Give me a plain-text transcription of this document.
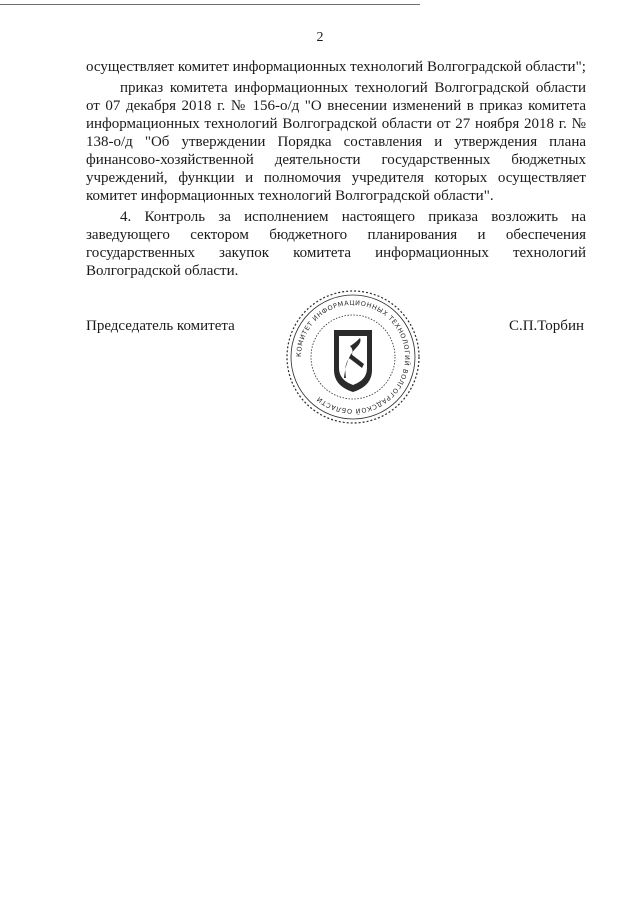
2

осуществляет комитет информационных технологий Волгоградской области";

приказ комитета информационных технологий Волгоградской области от 07 декабря 2018 г. № 156-о/д "О внесении изменений в приказ комитета информационных технологий Волгоградской области от 27 ноября 2018 г. № 138-о/д "Об утверждении Порядка составления и утверждения плана финансово-хозяйственной деятельности государственных бюджетных учреждений, функции и полномочия учредителя которых осуществляет комитет информационных технологий Волгоградской области".

4. Контроль за исполнением настоящего приказа возложить на заведующего сектором бюджетного планирования и обеспечения государственных закупок комитета информационных технологий Волгоградской области.

Председатель комитета	С.П.Торбин
КОМИТЕТ ИНФОРМАЦИОННЫХ ТЕХНОЛОГИЙ ВОЛГОГРАДСКОЙ ОБЛАСТИ
